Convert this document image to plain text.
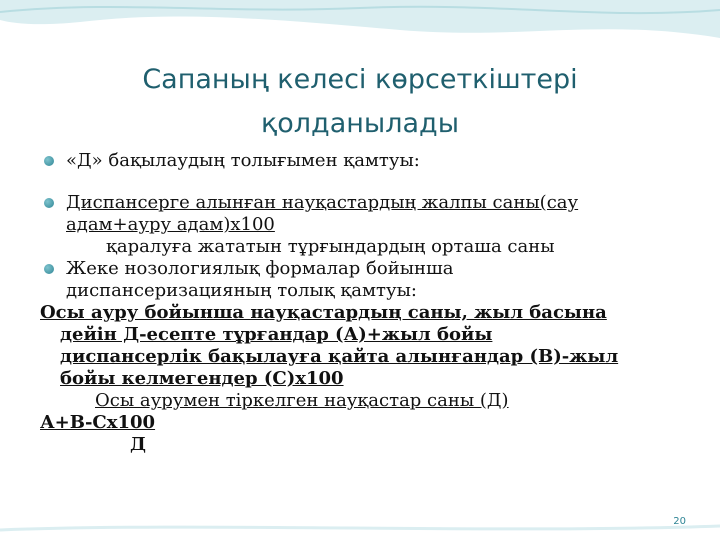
Сапаның келесі көрсеткіштері
қолданылады
«Д» бақылаудың толығымен қамтуы:
Диспансерге алынған науқастардың жалпы саны(сау
адам+ауру адам)х100
қаралуға жататын тұрғындардың орташа саны
Жеке нозологиялық формалар бойынша
диспансеризацияның толық қамтуы:
Осы ауру бойынша науқастардың саны, жыл басына
дейін Д-есепте тұрғандар (А)+жыл бойы
диспансерлік бақылауға қайта алынғандар (В)-жыл
бойы келмегендер (С)х100
Осы аурумен тіркелген науқастар саны (Д)
А+В-Сх100
Д
20
